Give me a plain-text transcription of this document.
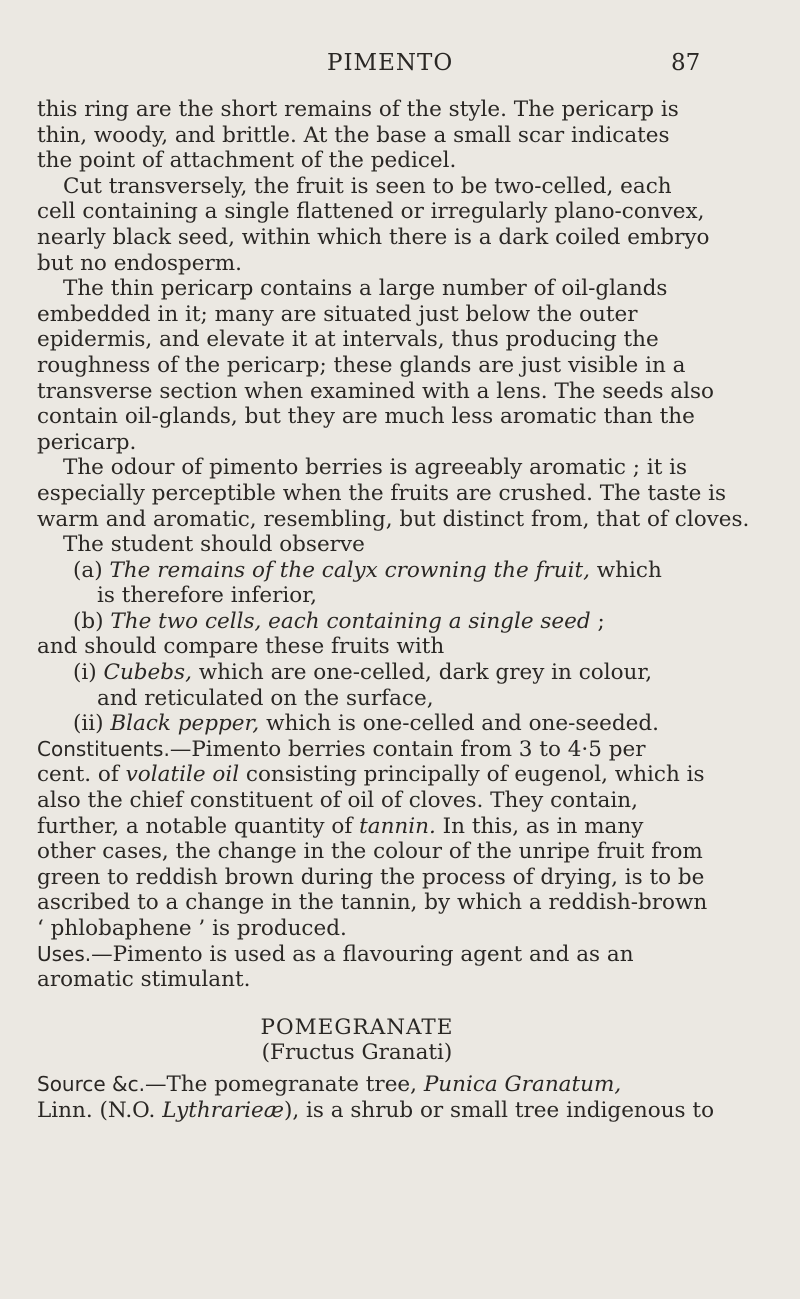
PIMENTO	87
this ring are the short remains of the style. The pericarp is
thin, woody, and brittle. At the base a small scar indicates
the point of attachment of the pedicel.
Cut transversely, the fruit is seen to be two-celled, each
cell containing a single flattened or irregularly plano-convex,
nearly black seed, within which there is a dark coiled embryo
but no endosperm.
The thin pericarp contains a large number of oil-glands
embedded in it; many are situated just below the outer
epidermis, and elevate it at intervals, thus producing the
roughness of the pericarp; these glands are just visible in a
transverse section when examined with a lens. The seeds also
contain oil-glands, but they are much less aromatic than the
pericarp.
The odour of pimento berries is agreeably aromatic ; it is
especially perceptible when the fruits are crushed. The taste is
warm and aromatic, resembling, but distinct from, that of cloves.
The student should observe
(a) The remains of the calyx crowning the fruit, which
is therefore inferior,
(b) The two cells, each containing a single seed ;
and should compare these fruits with
(i) Cubebs, which are one-celled, dark grey in colour,
and reticulated on the surface,
(ii) Black pepper, which is one-celled and one-seeded.
Constituents.—Pimento berries contain from 3 to 4·5 per
cent. of volatile oil consisting principally of eugenol, which is
also the chief constituent of oil of cloves. They contain,
further, a notable quantity of tannin. In this, as in many
other cases, the change in the colour of the unripe fruit from
green to reddish brown during the process of drying, is to be
ascribed to a change in the tannin, by which a reddish-brown
‘ phlobaphene ’ is produced.
Uses.—Pimento is used as a flavouring agent and as an
aromatic stimulant.
POMEGRANATE
(Fructus Granati)
Source &c.—The pomegranate tree, Punica Granatum,
Linn. (N.O. Lythrarieæ), is a shrub or small tree indigenous to
